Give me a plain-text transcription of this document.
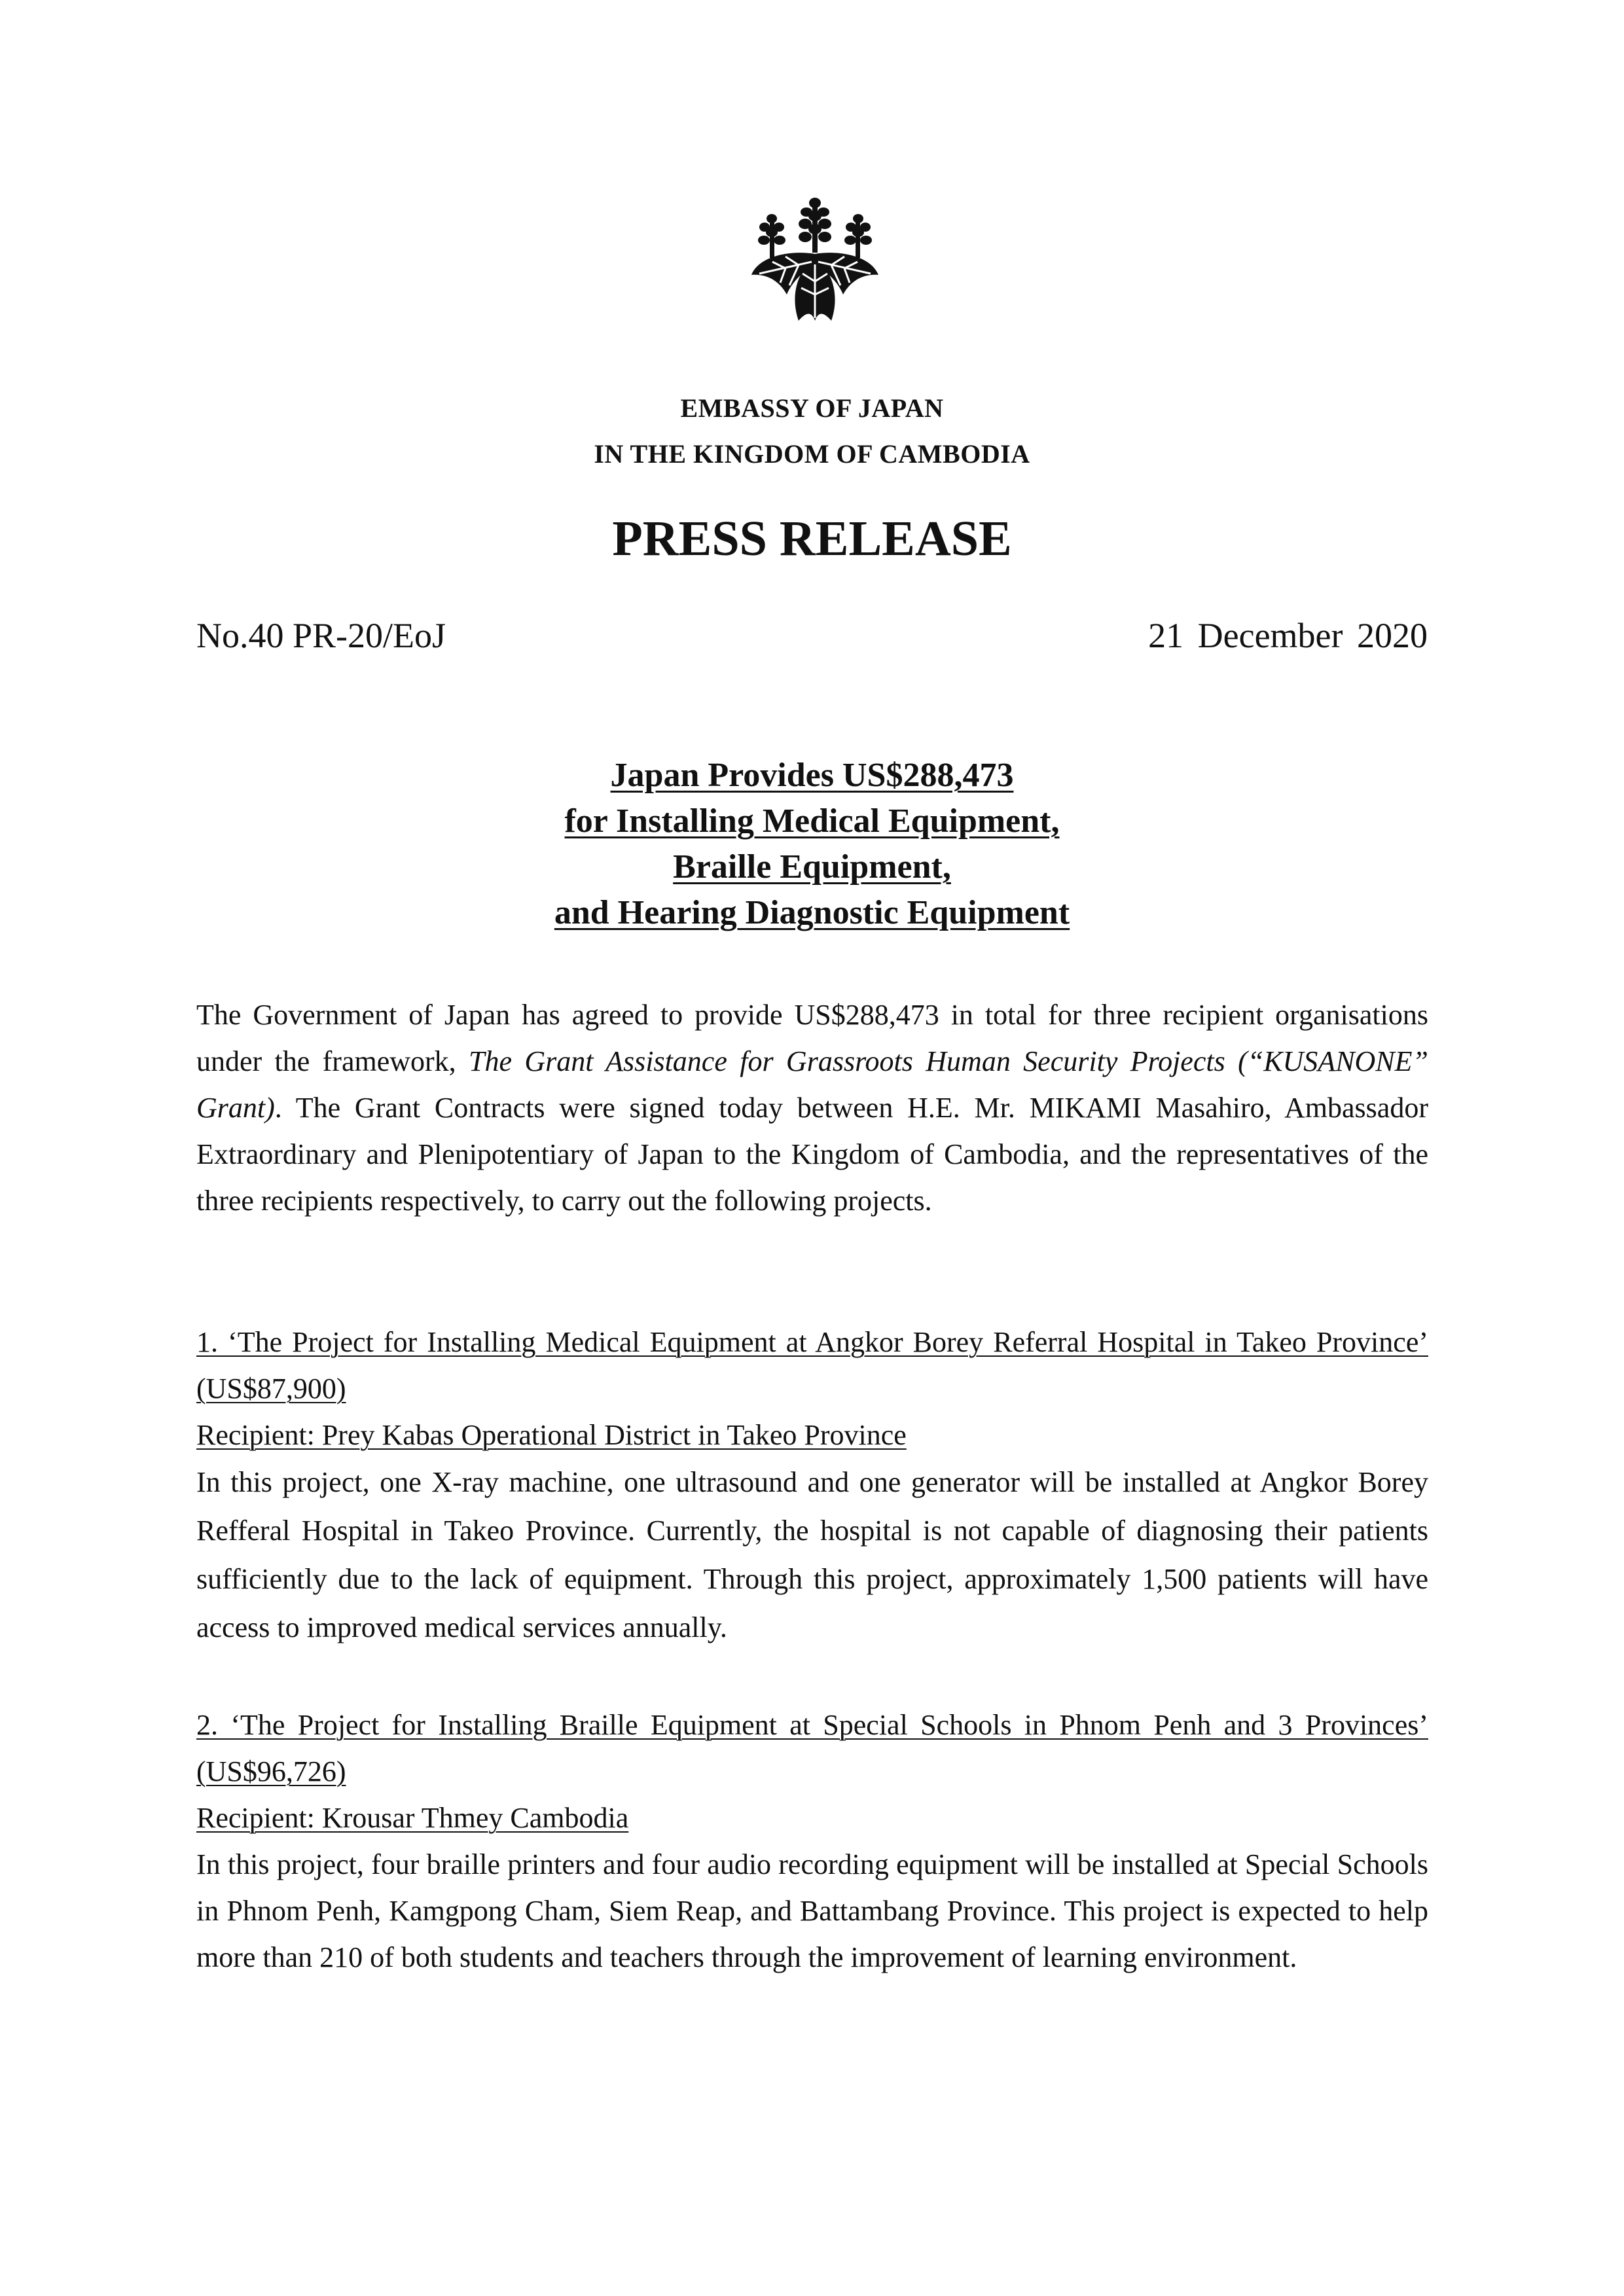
EMBASSY OF JAPAN
IN THE KINGDOM OF CAMBODIA
PRESS RELEASE
No.40 PR-20/EoJ	21 December 2020
Japan Provides US$288,473
for Installing Medical Equipment,
Braille Equipment,
and Hearing Diagnostic Equipment
The Government of Japan has agreed to provide US$288,473 in total for three recipient organisations under the framework, The Grant Assistance for Grassroots Human Security Projects (“KUSANONE” Grant). The Grant Contracts were signed today between H.E. Mr. MIKAMI Masahiro, Ambassador Extraordinary and Plenipotentiary of Japan to the Kingdom of Cambodia, and the representatives of the three recipients respectively, to carry out the following projects.
1. ‘The Project for Installing Medical Equipment at Angkor Borey Referral Hospital in Takeo Province’ (US$87,900)
Recipient: Prey Kabas Operational District in Takeo Province
In this project, one X-ray machine, one ultrasound and one generator will be installed at Angkor Borey Refferal Hospital in Takeo Province. Currently, the hospital is not capable of diagnosing their patients sufficiently due to the lack of equipment. Through this project, approximately 1,500 patients will have access to improved medical services annually.
2. ‘The Project for Installing Braille Equipment at Special Schools in Phnom Penh and 3 Provinces’ (US$96,726)
Recipient: Krousar Thmey Cambodia
In this project, four braille printers and four audio recording equipment will be installed at Special Schools in Phnom Penh, Kamgpong Cham, Siem Reap, and Battambang Province. This project is expected to help more than 210 of both students and teachers through the improvement of learning environment.
